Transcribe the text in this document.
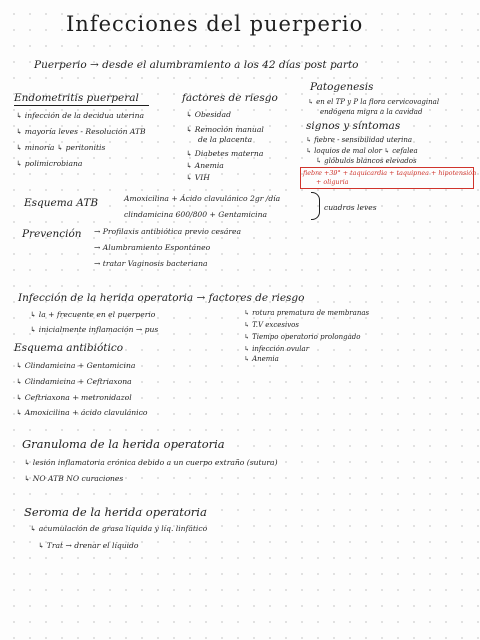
Infecciones del puerperio
Puerperio → desde el alumbramiento a los 42 días post parto
Endometritis puerperal
↳ infección de la decidua uterina
↳ mayoría leves - Resolución ATB
↳ minoría ↳ peritonitis
↳ polimicrobiana
factores de riesgo
↳ Obesidad
↳ Remoción manual
de la placenta
↳ Diabetes materna
↳ Anemia
↳ VIH
Patogenesis
↳ en el TP y P la flora cervicovaginal
endógena migra a la cavidad
signos y síntomas
↳ fiebre - sensibilidad uterina
↳ loquios de mal olor ↳ cefalea
↳ glóbulos blancos elevados
fiebre +39° + taquicardia + taquipnea + hipotensión
+ oliguria
Esquema ATB	Amoxicilina + Ácido clavulánico 2gr /día
clindamicina 600/800 + Gentamicina
cuadros leves
Prevención → Profilaxis antibiótica previo cesárea
→ Alumbramiento Espontáneo
→ tratar Vaginosis bacteriana
Infección de la herida operatoria → factores de riesgo
↳ la + frecuente en el puerperio
↳ inicialmente inflamación → pus
↳ rotura prematura de membranas
↳ T.V excesivos
↳ Tiempo operatorio prolongado
↳ infección ovular
↳ Anemia
Esquema antibiótico
↳ Clindamicina + Gentamicina
↳ Clindamicina + Ceftriaxona
↳ Ceftriaxona + metronidazol
↳ Amoxicilina + ácido clavulánico
Granuloma de la herida operatoria
↳ lesión inflamatoria crónica debido a un cuerpo extraño (sutura)
↳ NO ATB NO curaciones
Seroma de la herida operatoria
↳ acumulación de grasa líquida y líq. linfático
↳ Trat → drenar el líquido
